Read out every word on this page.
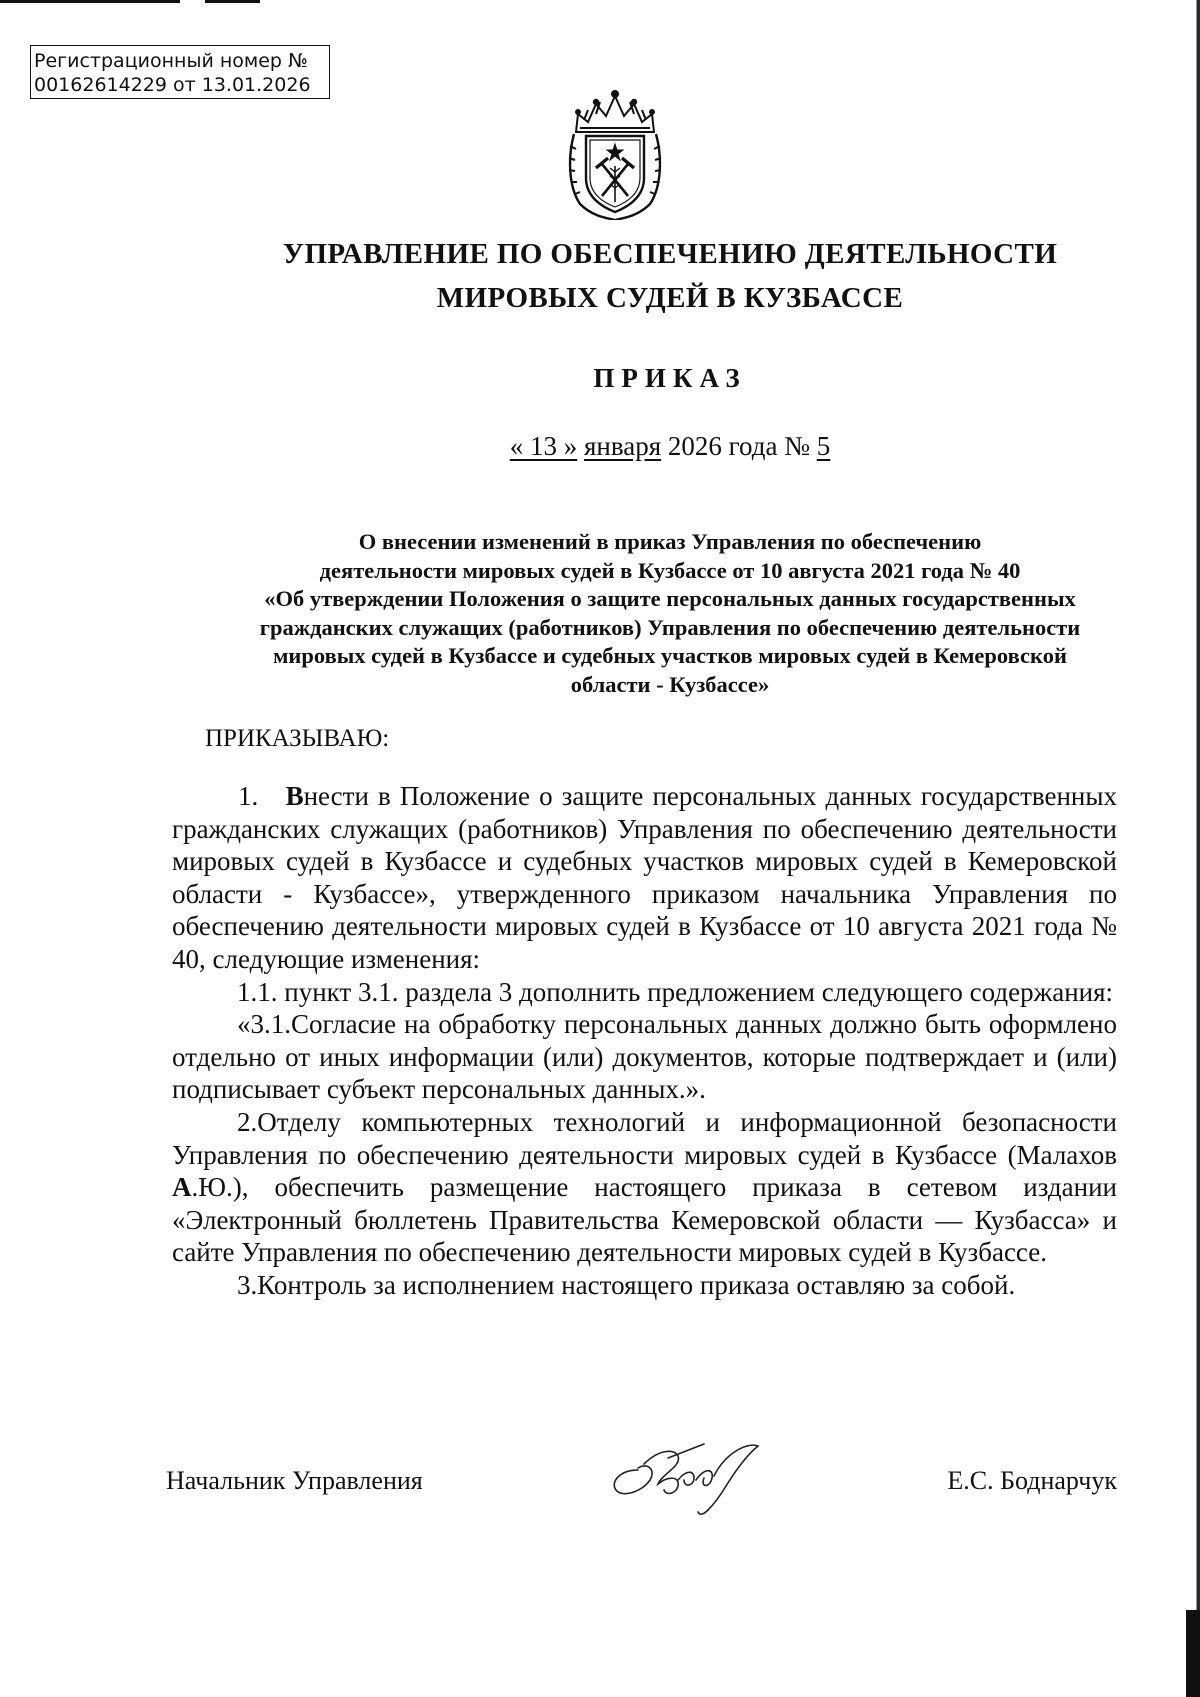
Регистрационный номер №
00162614229 от 13.01.2026
УПРАВЛЕНИЕ ПО ОБЕСПЕЧЕНИЮ ДЕЯТЕЛЬНОСТИ
МИРОВЫХ СУДЕЙ В КУЗБАССЕ
ПРИКАЗ
« 13 » января 2026 года № 5
О внесении изменений в приказ Управления по обеспечению
деятельности мировых судей в Кузбассе от 10 августа 2021 года № 40
«Об утверждении Положения о защите персональных данных государственных
гражданских служащих (работников) Управления по обеспечению деятельности
мировых судей в Кузбассе и судебных участков мировых судей в Кемеровской
области - Кузбассе»
ПРИКАЗЫВАЮ:

1. Внести в Положение о защите персональных данных государственных гражданских служащих (работников) Управления по обеспечению деятельности мировых судей в Кузбассе и судебных участков мировых судей в Кемеровской области - Кузбассе», утвержденного приказом начальника Управления по обеспечению деятельности мировых судей в Кузбассе от 10 августа 2021 года № 40, следующие изменения:

1.1. пункт 3.1. раздела 3 дополнить предложением следующего содержания:

«3.1.Согласие на обработку персональных данных должно быть оформлено отдельно от иных информации (или) документов, которые подтверждает и (или) подписывает субъект персональных данных.».

2.Отделу компьютерных технологий и информационной безопасности Управления по обеспечению деятельности мировых судей в Кузбассе (Малахов А.Ю.), обеспечить размещение настоящего приказа в сетевом издании «Электронный бюллетень Правительства Кемеровской области — Кузбасса» и сайте Управления по обеспечению деятельности мировых судей в Кузбассе.

3.Контроль за исполнением настоящего приказа оставляю за собой.

Начальник Управления	Е.С. Боднарчук
